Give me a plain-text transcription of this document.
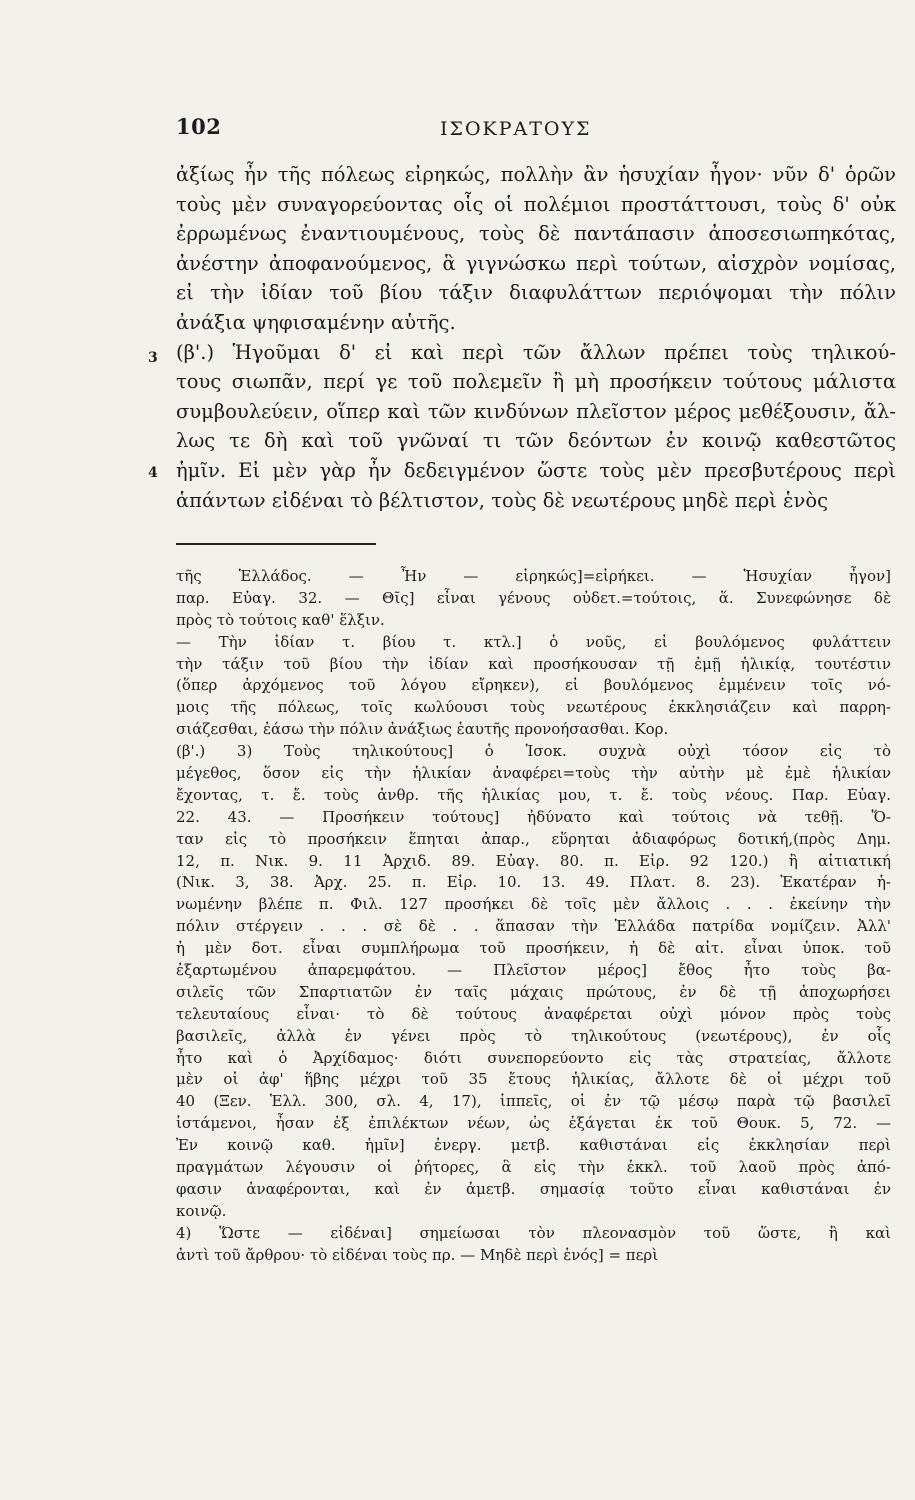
102	ΙΣΟΚΡΑΤΟΥΣ
3
4
ἀξίως ἦν τῆς πόλεως εἰρηκώς, πολλὴν ἂν ἡσυχίαν ἦγον· νῦν δ' ὁρῶν
τοὺς μὲν συναγορεύοντας οἷς οἱ πολέμιοι προστάττουσι, τοὺς δ' οὐκ
ἐρρωμένως ἐναντιουμένους, τοὺς δὲ παντάπασιν ἀποσεσιωπηκότας,
ἀνέστην ἀποφανούμενος, ἃ γιγνώσκω περὶ τούτων, αἰσχρὸν νομίσας,
εἰ τὴν ἰδίαν τοῦ βίου τάξιν διαφυλάττων περιόψομαι τὴν πόλιν
ἀνάξια ψηφισαμένην αὑτῆς.
(β'.) Ἡγοῦμαι δ' εἰ καὶ περὶ τῶν ἄλλων πρέπει τοὺς τηλικού-
τους σιωπᾶν, περί γε τοῦ πολεμεῖν ἢ μὴ προσήκειν τούτους μάλιστα
συμβουλεύειν, οἵπερ καὶ τῶν κινδύνων πλεῖστον μέρος μεθέξουσιν, ἄλ-
λως τε δὴ καὶ τοῦ γνῶναί τι τῶν δεόντων ἐν κοινῷ καθεστῶτος
ἡμῖν. Εἰ μὲν γὰρ ἦν δεδειγμένον ὥστε τοὺς μὲν πρεσβυτέρους περὶ
ἁπάντων εἰδέναι τὸ βέλτιστον, τοὺς δὲ νεωτέρους μηδὲ περὶ ἑνὸς
τῆς Ἑλλάδος. — Ἦν — εἰρηκώς]=εἰρήκει. — Ἡσυχίαν ἦγον]
παρ. Εὐαγ. 32. — Θῖς] εἶναι γένους οὐδετ.=τούτοις, ἅ. Συνεφώνησε δὲ
πρὸς τὸ τούτοις καθ' ἕλξιν.
— Τὴν ἰδίαν τ. βίου τ. κτλ.] ὁ νοῦς, εἰ βουλόμενος φυλάττειν
τὴν τάξιν τοῦ βίου τὴν ἰδίαν καὶ προσήκουσαν τῇ ἐμῇ ἡλικίᾳ, τουτέστιν
(ὅπερ ἀρχόμενος τοῦ λόγου εἴρηκεν), εἰ βουλόμενος ἐμμένειν τοῖς νό-
μοις τῆς πόλεως, τοῖς κωλύουσι τοὺς νεωτέρους ἐκκλησιάζειν καὶ παρρη-
σιάζεσθαι, ἐάσω τὴν πόλιν ἀνάξιως ἑαυτῆς προνοήσασθαι. Κορ.
(β'.) 3) Τοὺς τηλικούτους] ὁ Ἰσοκ. συχνὰ οὐχὶ τόσον εἰς τὸ
μέγεθος, ὅσον εἰς τὴν ἡλικίαν ἀναφέρει=τοὺς τὴν αὐτὴν μὲ ἐμὲ ἡλικίαν
ἔχοντας, τ. ἔ. τοὺς ἀνθρ. τῆς ἡλικίας μου, τ. ἔ. τοὺς νέους. Παρ. Εὐαγ.
22. 43. — Προσήκειν τούτους] ἠδύνατο καὶ τούτοις νὰ τεθῇ. Ὅ-
ταν εἰς τὸ προσήκειν ἕπηται ἀπαρ., εὕρηται ἀδιαφόρως δοτική,(πρὸς Δημ.
12, π. Νικ. 9. 11 Ἀρχιδ. 89. Εὐαγ. 80. π. Εἰρ. 92 120.) ἢ αἰτιατική
(Νικ. 3, 38. Ἀρχ. 25. π. Εἰρ. 10. 13. 49. Πλατ. 8. 23). Ἑκατέραν ἡ-
νωμένην βλέπε π. Φιλ. 127 προσήκει δὲ τοῖς μὲν ἄλλοις . . . ἐκείνην τὴν
πόλιν στέργειν . . . σὲ δὲ . . ἅπασαν τὴν Ἑλλάδα πατρίδα νομίζειν. Ἀλλ'
ἡ μὲν δοτ. εἶναι συμπλήρωμα τοῦ προσήκειν, ἡ δὲ αἰτ. εἶναι ὑποκ. τοῦ
ἐξαρτωμένου ἀπαρεμφάτου. — Πλεῖστον μέρος] ἔθος ἦτο τοὺς βα-
σιλεῖς τῶν Σπαρτιατῶν ἐν ταῖς μάχαις πρώτους, ἐν δὲ τῇ ἀποχωρήσει
τελευταίους εἶναι· τὸ δὲ τούτους ἀναφέρεται οὐχὶ μόνον πρὸς τοὺς
βασιλεῖς, ἀλλὰ ἐν γένει πρὸς τὸ τηλικούτους (νεωτέρους), ἐν οἷς
ἦτο καὶ ὁ Ἀρχίδαμος· διότι συνεπορεύοντο εἰς τὰς στρατείας, ἄλλοτε
μὲν οἱ ἀφ' ἥβης μέχρι τοῦ 35 ἔτους ἡλικίας, ἄλλοτε δὲ οἱ μέχρι τοῦ
40 (Ξεν. Ἑλλ. 300, σλ. 4, 17), ἱππεῖς, οἱ ἐν τῷ μέσῳ παρὰ τῷ βασιλεῖ
ἱστάμενοι, ἦσαν ἐξ ἐπιλέκτων νέων, ὡς ἐξάγεται ἐκ τοῦ Θουκ. 5, 72. —
Ἐν κοινῷ καθ. ἡμῖν] ἐνεργ. μετβ. καθιστάναι εἰς ἐκκλησίαν περὶ
πραγμάτων λέγουσιν οἱ ῥήτορες, ἃ εἰς τὴν ἐκκλ. τοῦ λαοῦ πρὸς ἀπό-
φασιν ἀναφέρονται, καὶ ἐν ἀμετβ. σημασίᾳ τοῦτο εἶναι καθιστάναι ἐν
κοινῷ.
4) Ὥστε — εἰδέναι] σημείωσαι τὸν πλεονασμὸν τοῦ ὥστε, ἢ καὶ
ἀντὶ τοῦ ἄρθρου· τὸ εἰδέναι τοὺς πρ. — Μηδὲ περὶ ἑνός] = περὶ
